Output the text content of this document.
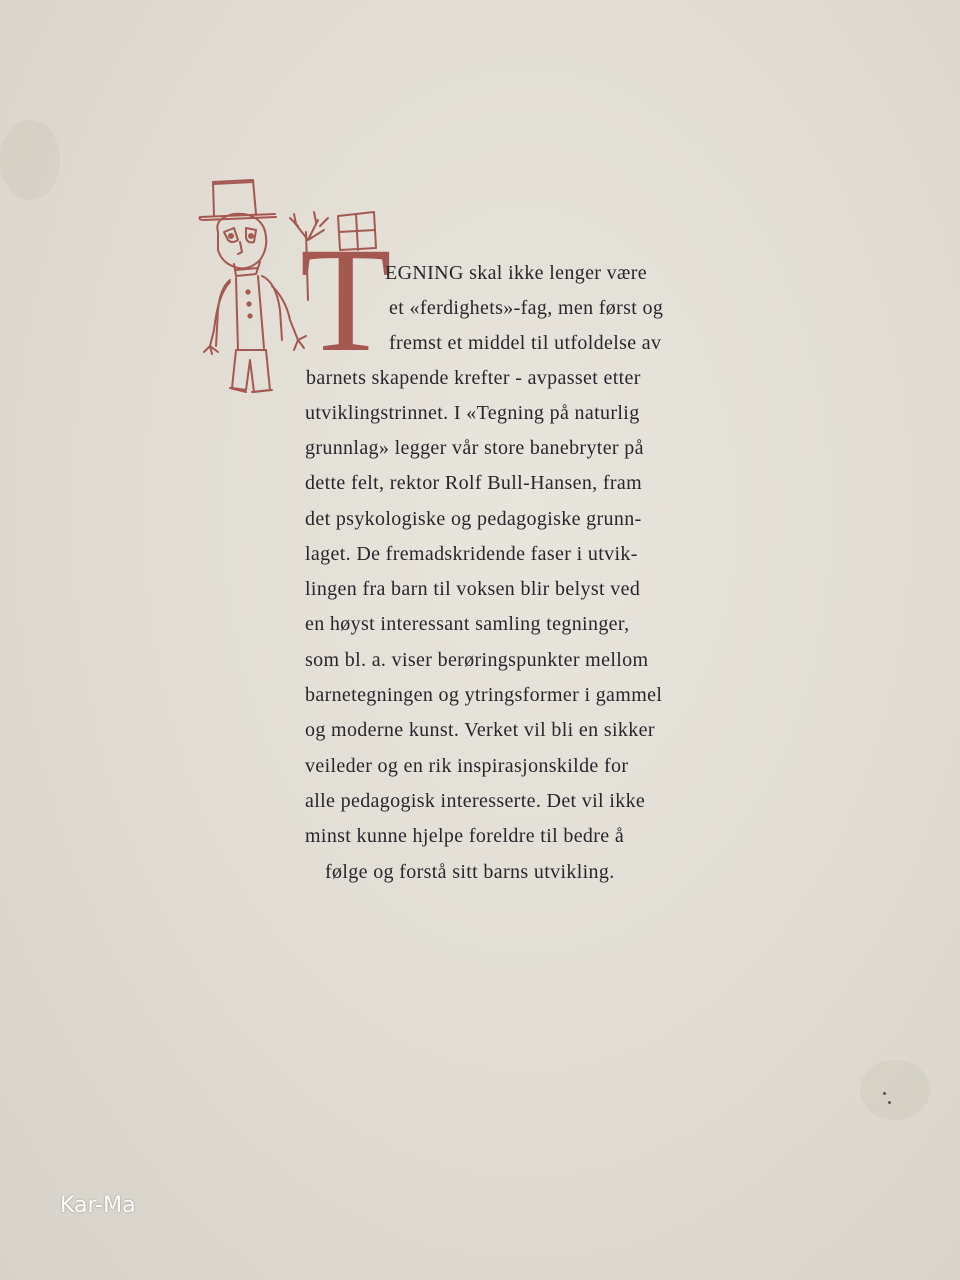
T
EGNING skal ikke lenger være
et «ferdighets»-fag, men først og
fremst et middel til utfoldelse av
barnets skapende krefter - avpasset etter
utviklingstrinnet. I «Tegning på naturlig
grunnlag» legger vår store banebryter på
dette felt, rektor Rolf Bull-Hansen, fram
det psykologiske og pedagogiske grunn-
laget. De fremadskridende faser i utvik-
lingen fra barn til voksen blir belyst ved
en høyst interessant samling tegninger,
som bl. a. viser berøringspunkter mellom
barnetegningen og ytringsformer i gammel
og moderne kunst. Verket vil bli en sikker
veileder og en rik inspirasjonskilde for
alle pedagogisk interesserte. Det vil ikke
minst kunne hjelpe foreldre til bedre å
følge og forstå sitt barns utvikling.
Kar-Ma
